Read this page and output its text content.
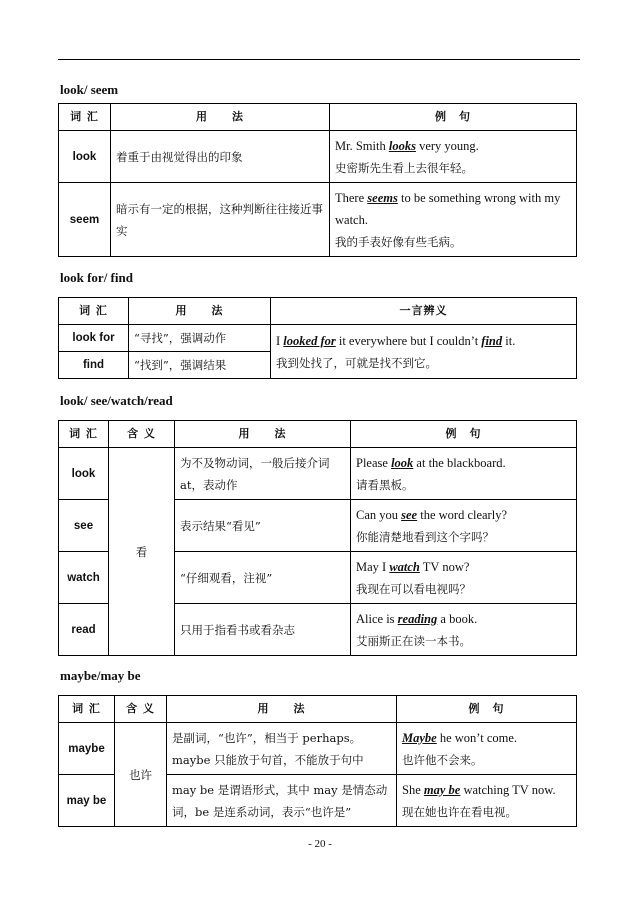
look/ seem
词 汇	用　　法	例　句
look	着重于由视觉得出的印象	Mr. Smith looks very young.
史密斯先生看上去很年轻。

seem	暗示有一定的根据，这种判断往往接近事实	There seems to be something wrong with my watch.
我的手表好像有些毛病。
look for/ find
词 汇	用　　法	一言辨义
look for	“寻找”，强调动作	I looked for it everywhere but I couldn’t find it.
我到处找了，可就是找不到它。

find	“找到”，强调结果	
look/ see/watch/read
词 汇	含 义	用　　法	例　句
look	看	为不及物动词，一般后接介词at，表动作	Please look at the blackboard.
请看黑板。

see		表示结果“看见”	Can you see the word clearly?
你能清楚地看到这个字吗？

watch		“仔细观看，注视”	May I watch TV now?
我现在可以看电视吗？

read		只用于指看书或看杂志	Alice is reading a book.
艾丽斯正在读一本书。
maybe/may be
词 汇	含 义	用　　法	例　句
maybe	也许	是副词，“也许”，相当于 perhaps。maybe 只能放于句首，不能放于句中	Maybe he won’t come.
也许他不会来。

may be		may be 是谓语形式，其中 may 是情态动词，be 是连系动词，表示“也许是”	She may be watching TV now.
现在她也许在看电视。
- 20 -
